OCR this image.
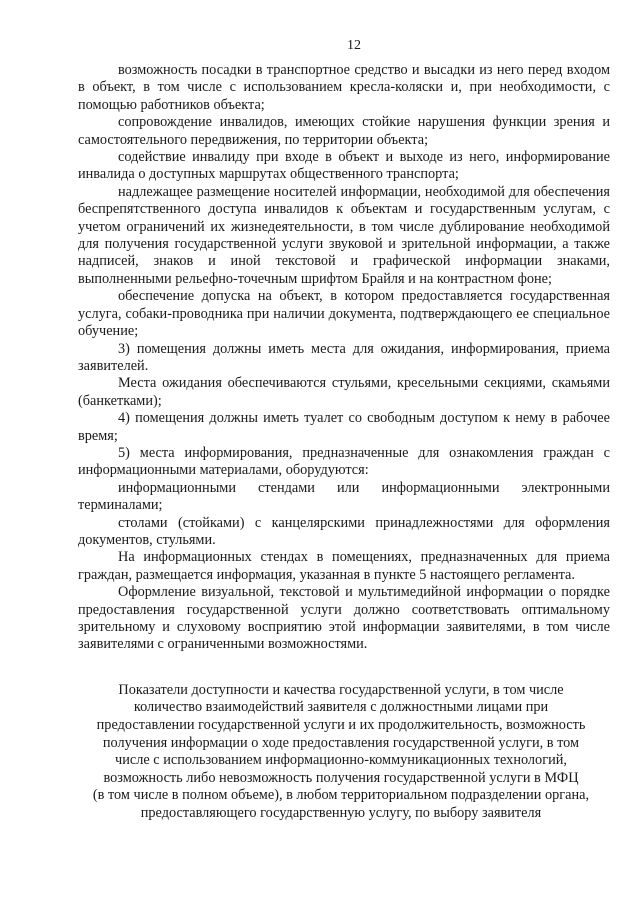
12

возможность посадки в транспортное средство и высадки из него перед входом в объект, в том числе с использованием кресла-коляски и, при необходимости, с помощью работников объекта;

сопровождение инвалидов, имеющих стойкие нарушения функции зрения и самостоятельного передвижения, по территории объекта;

содействие инвалиду при входе в объект и выходе из него, информирование инвалида о доступных маршрутах общественного транспорта;

надлежащее размещение носителей информации, необходимой для обеспечения беспрепятственного доступа инвалидов к объектам и государственным услугам, с учетом ограничений их жизнедеятельности, в том числе дублирование необходимой для получения государственной услуги звуковой и зрительной информации, а также надписей, знаков и иной текстовой и графической информации знаками, выполненными рельефно-точечным шрифтом Брайля и на контрастном фоне;

обеспечение допуска на объект, в котором предоставляется государственная услуга, собаки-проводника при наличии документа, подтверждающего ее специальное обучение;

3) помещения должны иметь места для ожидания, информирования, приема заявителей.

Места ожидания обеспечиваются стульями, кресельными секциями, скамьями (банкетками);

4) помещения должны иметь туалет со свободным доступом к нему в рабочее время;

5) места информирования, предназначенные для ознакомления граждан с информационными материалами, оборудуются:

информационными стендами или информационными электронными терминалами;

столами (стойками) с канцелярскими принадлежностями для оформления документов, стульями.

На информационных стендах в помещениях, предназначенных для приема граждан, размещается информация, указанная в пункте 5 настоящего регламента.

Оформление визуальной, текстовой и мультимедийной информации о порядке предоставления государственной услуги должно соответствовать оптимальному зрительному и слуховому восприятию этой информации заявителями, в том числе заявителями с ограниченными возможностями.

Показатели доступности и качества государственной услуги, в том числе

количество взаимодействий заявителя с должностными лицами при

предоставлении государственной услуги и их продолжительность, возможность

получения информации о ходе предоставления государственной услуги, в том

числе с использованием информационно-коммуникационных технологий,

возможность либо невозможность получения государственной услуги в МФЦ

(в том числе в полном объеме), в любом территориальном подразделении органа,

предоставляющего государственную услугу, по выбору заявителя
